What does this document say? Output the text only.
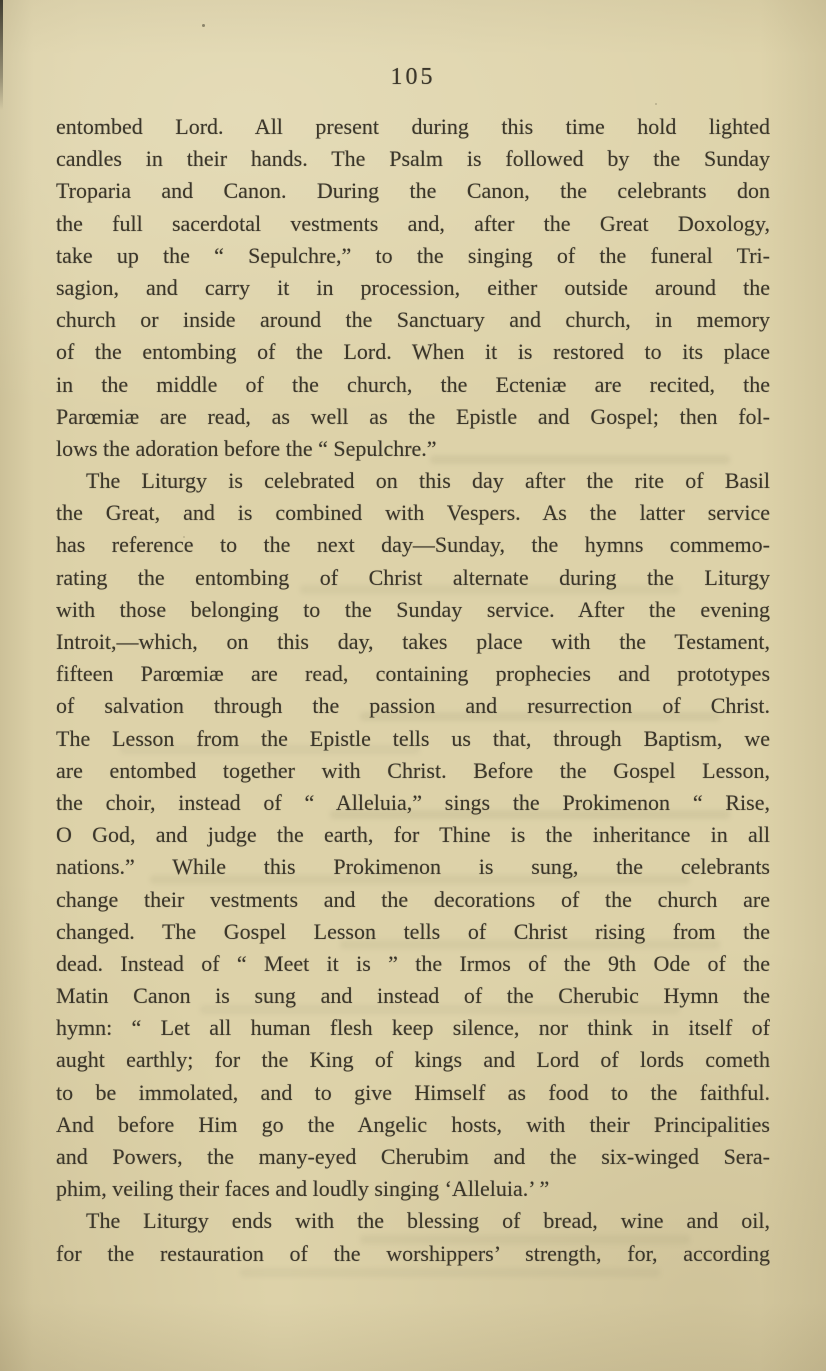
105
entombed Lord. All present during this time hold lighted
candles in their hands. The Psalm is followed by the Sunday
Troparia and Canon. During the Canon, the celebrants don
the full sacerdotal vestments and, after the Great Doxology,
take up the “ Sepulchre,” to the singing of the funeral Tri-
sagion, and carry it in procession, either outside around the
church or inside around the Sanctuary and church, in memory
of the entombing of the Lord. When it is restored to its place
in the middle of the church, the Ecteniæ are recited, the
Parœmiæ are read, as well as the Epistle and Gospel; then fol-
lows the adoration before the “ Sepulchre.”
The Liturgy is celebrated on this day after the rite of Basil
the Great, and is combined with Vespers. As the latter service
has reference to the next day—Sunday, the hymns commemo-
rating the entombing of Christ alternate during the Liturgy
with those belonging to the Sunday service. After the evening
Introit,—which, on this day, takes place with the Testament,
fifteen Parœmiæ are read, containing prophecies and prototypes
of salvation through the passion and resurrection of Christ.
The Lesson from the Epistle tells us that, through Baptism, we
are entombed together with Christ. Before the Gospel Lesson,
the choir, instead of “ Alleluia,” sings the Prokimenon “ Rise,
O God, and judge the earth, for Thine is the inheritance in all
nations.” While this Prokimenon is sung, the celebrants
change their vestments and the decorations of the church are
changed. The Gospel Lesson tells of Christ rising from the
dead. Instead of “ Meet it is ” the Irmos of the 9th Ode of the
Matin Canon is sung and instead of the Cherubic Hymn the
hymn: “ Let all human flesh keep silence, nor think in itself of
aught earthly; for the King of kings and Lord of lords cometh
to be immolated, and to give Himself as food to the faithful.
And before Him go the Angelic hosts, with their Principalities
and Powers, the many-eyed Cherubim and the six-winged Sera-
phim, veiling their faces and loudly singing ‘Alleluia.’ ”
The Liturgy ends with the blessing of bread, wine and oil,
for the restauration of the worshippers’ strength, for, according
